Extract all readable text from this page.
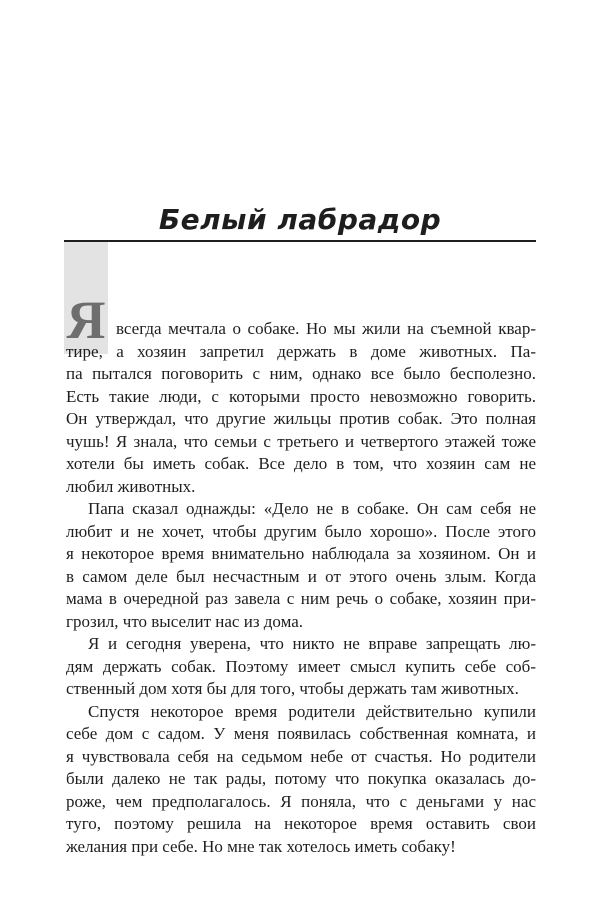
Белый лабрадор
Я всегда мечтала о собаке. Но мы жили на съемной квар-
тире, а хозяин запретил держать в доме животных. Па-
па пытался поговорить с ним, однако все было бесполезно.
Есть такие люди, с которыми просто невозможно говорить.
Он утверждал, что другие жильцы против собак. Это полная
чушь! Я знала, что семьи с третьего и четвертого этажей тоже
хотели бы иметь собак. Все дело в том, что хозяин сам не
любил животных.
Папа сказал однажды: «Дело не в собаке. Он сам себя не
любит и не хочет, чтобы другим было хорошо». После этого
я некоторое время внимательно наблюдала за хозяином. Он и
в самом деле был несчастным и от этого очень злым. Когда
мама в очередной раз завела с ним речь о собаке, хозяин при-
грозил, что выселит нас из дома.
Я и сегодня уверена, что никто не вправе запрещать лю-
дям держать собак. Поэтому имеет смысл купить себе соб-
ственный дом хотя бы для того, чтобы держать там животных.
Спустя некоторое время родители действительно купили
себе дом с садом. У меня появилась собственная комната, и
я чувствовала себя на седьмом небе от счастья. Но родители
были далеко не так рады, потому что покупка оказалась до-
роже, чем предполагалось. Я поняла, что с деньгами у нас
туго, поэтому решила на некоторое время оставить свои
желания при себе. Но мне так хотелось иметь собаку!
